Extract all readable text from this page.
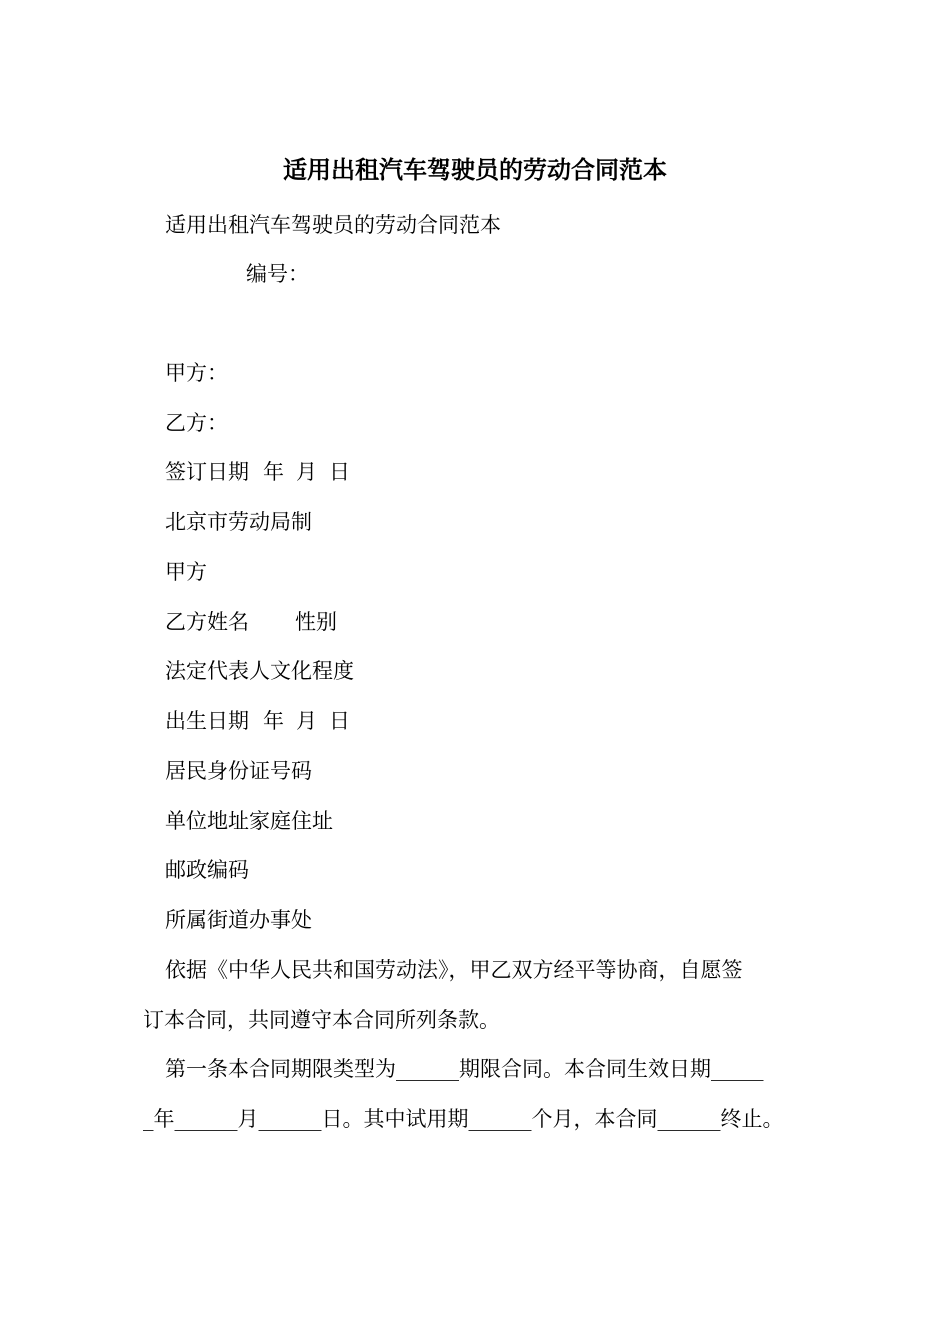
适用出租汽车驾驶员的劳动合同范本
适用出租汽车驾驶员的劳动合同范本
编号：
甲方：
乙方：
签订日期 年 月 日
北京市劳动局制
甲方
乙方姓名 性别
法定代表人文化程度
出生日期 年 月 日
居民身份证号码
单位地址家庭住址
邮政编码
所属街道办事处
依据《中华人民共和国劳动法》，甲乙双方经平等协商，自愿签
订本合同，共同遵守本合同所列条款。
第一条本合同期限类型为______期限合同。本合同生效日期_____
_年______月______日。其中试用期______个月，本合同______终止。
